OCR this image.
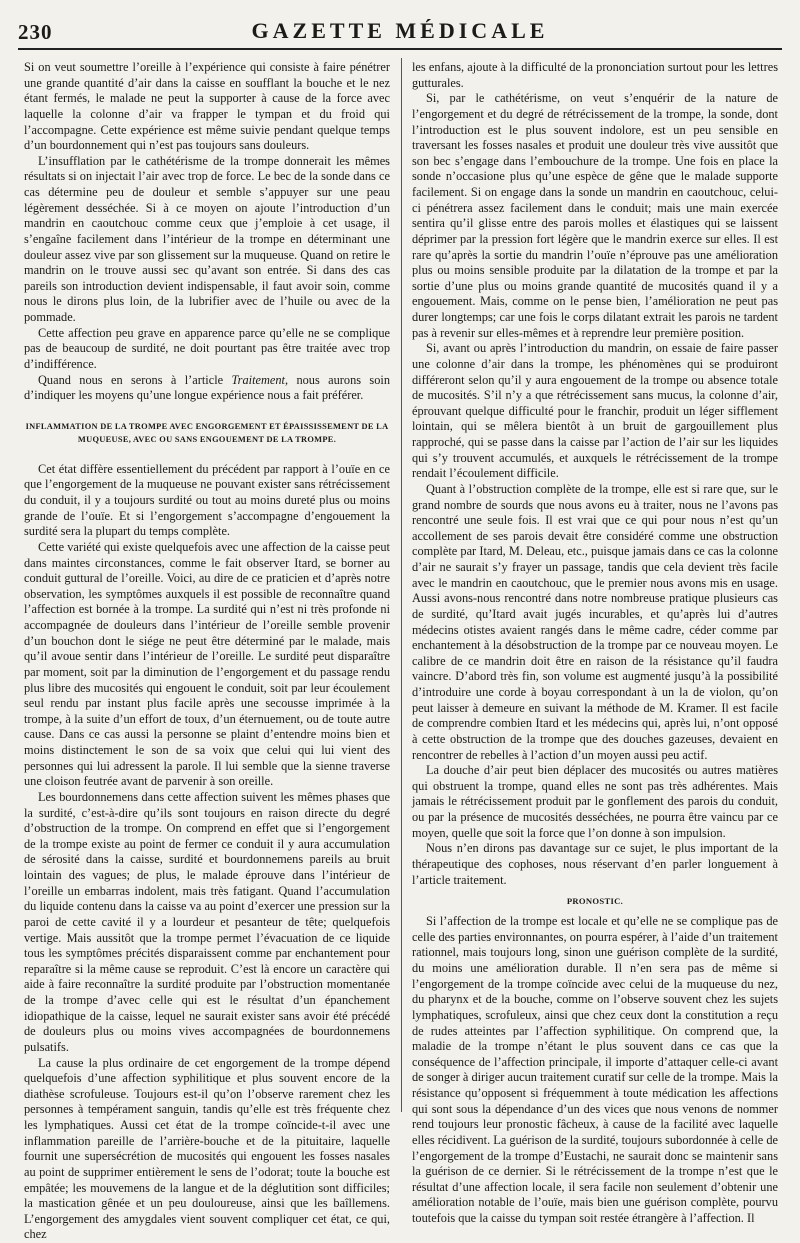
230	GAZETTE MÉDICALE

Si on veut soumettre l’oreille à l’expérience qui consiste à faire pénétrer une grande quantité d’air dans la caisse en soufflant la bouche et le nez étant fermés, le malade ne peut la supporter à cause de la force avec laquelle la colonne d’air va frapper le tympan et du froid qui l’accompagne. Cette expérience est même suivie pendant quelque temps d’un bourdonnement qui n’est pas toujours sans douleurs.

L’insufflation par le cathétérisme de la trompe donnerait les mêmes résultats si on injectait l’air avec trop de force. Le bec de la sonde dans ce cas détermine peu de douleur et semble s’appuyer sur une peau légèrement desséchée. Si à ce moyen on ajoute l’introduction d’un mandrin en caoutchouc comme ceux que j’emploie à cet usage, il s’engaîne facilement dans l’intérieur de la trompe en déterminant une douleur assez vive par son glissement sur la muqueuse. Quand on retire le mandrin on le trouve aussi sec qu’avant son entrée. Si dans des cas pareils son introduction devient indispensable, il faut avoir soin, comme nous le dirons plus loin, de la lubrifier avec de l’huile ou avec de la pommade.

Cette affection peu grave en apparence parce qu’elle ne se complique pas de beaucoup de surdité, ne doit pourtant pas être traitée avec trop d’indifférence.

Quand nous en serons à l’article Traitement, nous aurons soin d’indiquer les moyens qu’une longue expérience nous a fait préférer.

INFLAMMATION DE LA TROMPE AVEC ENGORGEMENT ET ÉPAISSISSEMENT DE LA MUQUEUSE, AVEC OU SANS ENGOUEMENT DE LA TROMPE.

Cet état diffère essentiellement du précédent par rapport à l’ouïe en ce que l’engorgement de la muqueuse ne pouvant exister sans rétrécissement du conduit, il y a toujours surdité ou tout au moins dureté plus ou moins grande de l’ouïe. Et si l’engorgement s’accompagne d’engouement la surdité sera la plupart du temps complète.

Cette variété qui existe quelquefois avec une affection de la caisse peut dans maintes circonstances, comme le fait observer Itard, se borner au conduit guttural de l’oreille. Voici, au dire de ce praticien et d’après notre observation, les symptômes auxquels il est possible de reconnaître quand l’affection est bornée à la trompe. La surdité qui n’est ni très profonde ni accompagnée de douleurs dans l’intérieur de l’oreille semble provenir d’un bouchon dont le siége ne peut être déterminé par le malade, mais qu’il avoue sentir dans l’intérieur de l’oreille. Le surdité peut disparaître par moment, soit par la diminution de l’engorgement et du passage rendu plus libre des mucosités qui engouent le conduit, soit par leur écoulement seul rendu par instant plus facile après une secousse imprimée à la trompe, à la suite d’un effort de toux, d’un éternuement, ou de toute autre cause. Dans ce cas aussi la personne se plaint d’entendre moins bien et moins distinctement le son de sa voix que celui qui lui vient des personnes qui lui adressent la parole. Il lui semble que la sienne traverse une cloison feutrée avant de parvenir à son oreille.

Les bourdonnemens dans cette affection suivent les mêmes phases que la surdité, c’est-à-dire qu’ils sont toujours en raison directe du degré d’obstruction de la trompe. On comprend en effet que si l’engorgement de la trompe existe au point de fermer ce conduit il y aura accumulation de sérosité dans la caisse, surdité et bourdonnemens pareils au bruit lointain des vagues; de plus, le malade éprouve dans l’intérieur de l’oreille un embarras indolent, mais très fatigant. Quand l’accumulation du liquide contenu dans la caisse va au point d’exercer une pression sur la paroi de cette cavité il y a lourdeur et pesanteur de tête; quelquefois vertige. Mais aussitôt que la trompe permet l’évacuation de ce liquide tous les symptômes précités disparaissent comme par enchantement pour reparaître si la même cause se reproduit. C’est là encore un caractère qui aide à faire reconnaître la surdité produite par l’obstruction momentanée de la trompe d’avec celle qui est le résultat d’un épanchement idiopathique de la caisse, lequel ne saurait exister sans avoir été précédé de douleurs plus ou moins vives accompagnées de bourdonnemens pulsatifs.

La cause la plus ordinaire de cet engorgement de la trompe dépend quelquefois d’une affection syphilitique et plus souvent encore de la diathèse scrofuleuse. Toujours est-il qu’on l’observe rarement chez les personnes à tempérament sanguin, tandis qu’elle est très fréquente chez les lymphatiques. Aussi cet état de la trompe coïncide-t-il avec une inflammation pareille de l’arrière-bouche et de la pituitaire, laquelle fournit une supersécrétion de mucosités qui engouent les fosses nasales au point de supprimer entièrement le sens de l’odorat; toute la bouche est empâtée; les mouvemens de la langue et de la déglutition sont difficiles; la mastication gênée et un peu douloureuse, ainsi que les baîllemens. L’engorgement des amygdales vient souvent compliquer cet état, ce qui, chez

les enfans, ajoute à la difficulté de la prononciation surtout pour les lettres gutturales.

Si, par le cathétérisme, on veut s’enquérir de la nature de l’engorgement et du degré de rétrécissement de la trompe, la sonde, dont l’introduction est le plus souvent indolore, est un peu sensible en traversant les fosses nasales et produit une douleur très vive aussitôt que son bec s’engage dans l’embouchure de la trompe. Une fois en place la sonde n’occasione plus qu’une espèce de gêne que le malade supporte facilement. Si on engage dans la sonde un mandrin en caoutchouc, celui-ci pénétrera assez facilement dans le conduit; mais une main exercée sentira qu’il glisse entre des parois molles et élastiques qui se laissent déprimer par la pression fort légère que le mandrin exerce sur elles. Il est rare qu’après la sortie du mandrin l’ouïe n’éprouve pas une amélioration plus ou moins sensible produite par la dilatation de la trompe et par la sortie d’une plus ou moins grande quantité de mucosités quand il y a engouement. Mais, comme on le pense bien, l’amélioration ne peut pas durer longtemps; car une fois le corps dilatant extrait les parois ne tardent pas à revenir sur elles-mêmes et à reprendre leur première position.

Si, avant ou après l’introduction du mandrin, on essaie de faire passer une colonne d’air dans la trompe, les phénomènes qui se produiront différeront selon qu’il y aura engouement de la trompe ou absence totale de mucosités. S’il n’y a que rétrécissement sans mucus, la colonne d’air, éprouvant quelque difficulté pour le franchir, produit un léger sifflement lointain, qui se mêlera bientôt à un bruit de gargouillement plus rapproché, qui se passe dans la caisse par l’action de l’air sur les liquides qui s’y trouvent accumulés, et auxquels le rétrécissement de la trompe rendait l’écoulement difficile.

Quant à l’obstruction complète de la trompe, elle est si rare que, sur le grand nombre de sourds que nous avons eu à traiter, nous ne l’avons pas rencontré une seule fois. Il est vrai que ce qui pour nous n’est qu’un accollement de ses parois devait être considéré comme une obstruction complète par Itard, M. Deleau, etc., puisque jamais dans ce cas la colonne d’air ne saurait s’y frayer un passage, tandis que cela devient très facile avec le mandrin en caoutchouc, que le premier nous avons mis en usage. Aussi avons-nous rencontré dans notre nombreuse pratique plusieurs cas de surdité, qu’Itard avait jugés incurables, et qu’après lui d’autres médecins otistes avaient rangés dans le même cadre, céder comme par enchantement à la désobstruction de la trompe par ce nouveau moyen. Le calibre de ce mandrin doit être en raison de la résistance qu’il faudra vaincre. D’abord très fin, son volume est augmenté jusqu’à la possibilité d’introduire une corde à boyau correspondant à un la de violon, qu’on peut laisser à demeure en suivant la méthode de M. Kramer. Il est facile de comprendre combien Itard et les médecins qui, après lui, n’ont opposé à cette obstruction de la trompe que des douches gazeuses, devaient en rencontrer de rebelles à l’action d’un moyen aussi peu actif.

La douche d’air peut bien déplacer des mucosités ou autres matières qui obstruent la trompe, quand elles ne sont pas très adhérentes. Mais jamais le rétrécissement produit par le gonflement des parois du conduit, ou par la présence de mucosités desséchées, ne pourra être vaincu par ce moyen, quelle que soit la force que l’on donne à son impulsion.

Nous n’en dirons pas davantage sur ce sujet, le plus important de la thérapeutique des cophoses, nous réservant d’en parler longuement à l’article traitement.

PRONOSTIC.

Si l’affection de la trompe est locale et qu’elle ne se complique pas de celle des parties environnantes, on pourra espérer, à l’aide d’un traitement rationnel, mais toujours long, sinon une guérison complète de la surdité, du moins une amélioration durable. Il n’en sera pas de même si l’engorgement de la trompe coïncide avec celui de la muqueuse du nez, du pharynx et de la bouche, comme on l’observe souvent chez les sujets lymphatiques, scrofuleux, ainsi que chez ceux dont la constitution a reçu de rudes atteintes par l’affection syphilitique. On comprend que, la maladie de la trompe n’étant le plus souvent dans ce cas que la conséquence de l’affection principale, il importe d’attaquer celle-ci avant de songer à diriger aucun traitement curatif sur celle de la trompe. Mais la résistance qu’opposent si fréquemment à toute médication les affections qui sont sous la dépendance d’un des vices que nous venons de nommer rend toujours leur pronostic fâcheux, à cause de la facilité avec laquelle elles récidivent. La guérison de la surdité, toujours subordonnée à celle de l’engorgement de la trompe d’Eustachi, ne saurait donc se maintenir sans la guérison de ce dernier. Si le rétrécissement de la trompe n’est que le résultat d’une affection locale, il sera facile non seulement d’obtenir une amélioration notable de l’ouïe, mais bien une guérison complète, pourvu toutefois que la caisse du tympan soit restée étrangère à l’affection. Il
